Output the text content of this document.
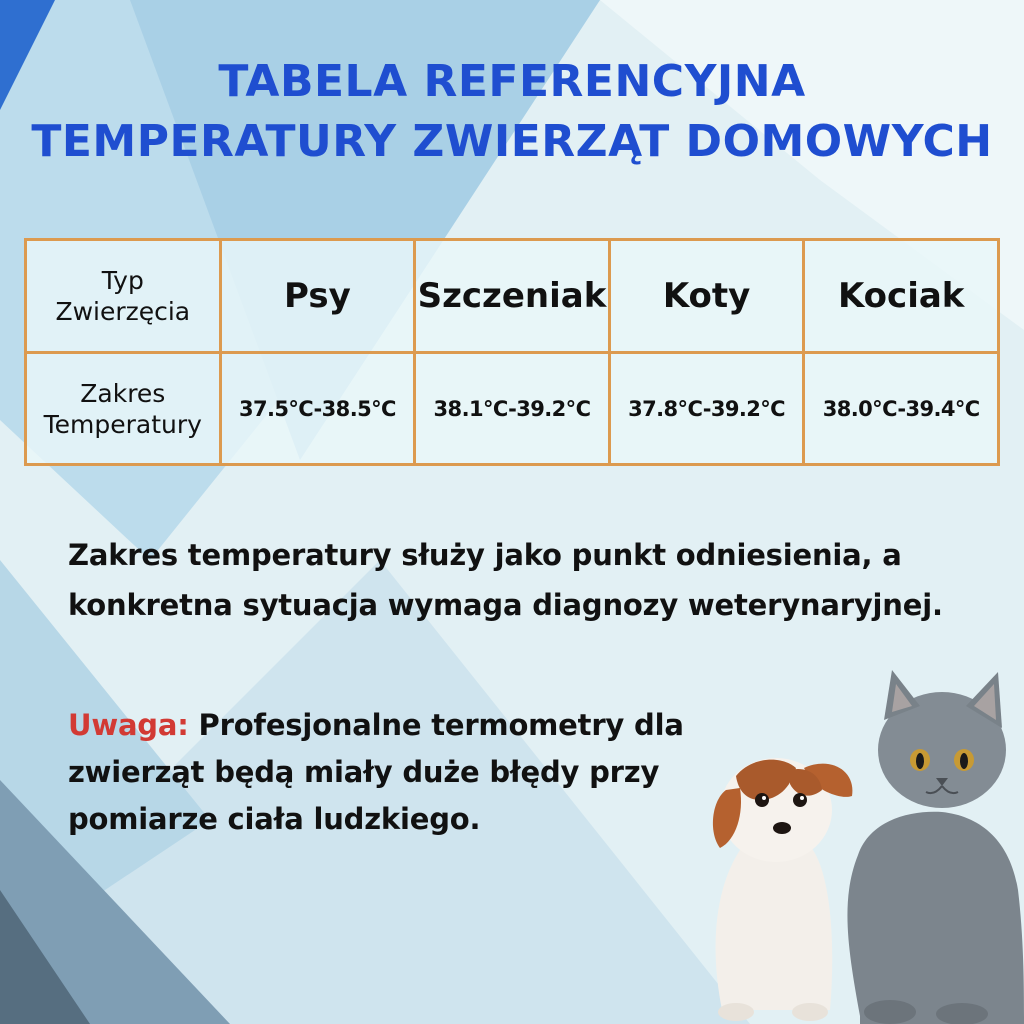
TABELA REFERENCYJNA
TEMPERATURY ZWIERZĄT DOMOWYCH
Typ
Zwierzęcia	Psy	Szczeniak	Koty	Kociak

Zakres
Temperatury	37.5°C-38.5°C	38.1°C-39.2°C	37.8°C-39.2°C	38.0°C-39.4°C

Zakres temperatury służy jako punkt odniesienia, a
konkretna sytuacja wymaga diagnozy weterynaryjnej.

Uwaga: Profesjonalne termometry dla
zwierząt będą miały duże błędy przy
pomiarze ciała ludzkiego.
